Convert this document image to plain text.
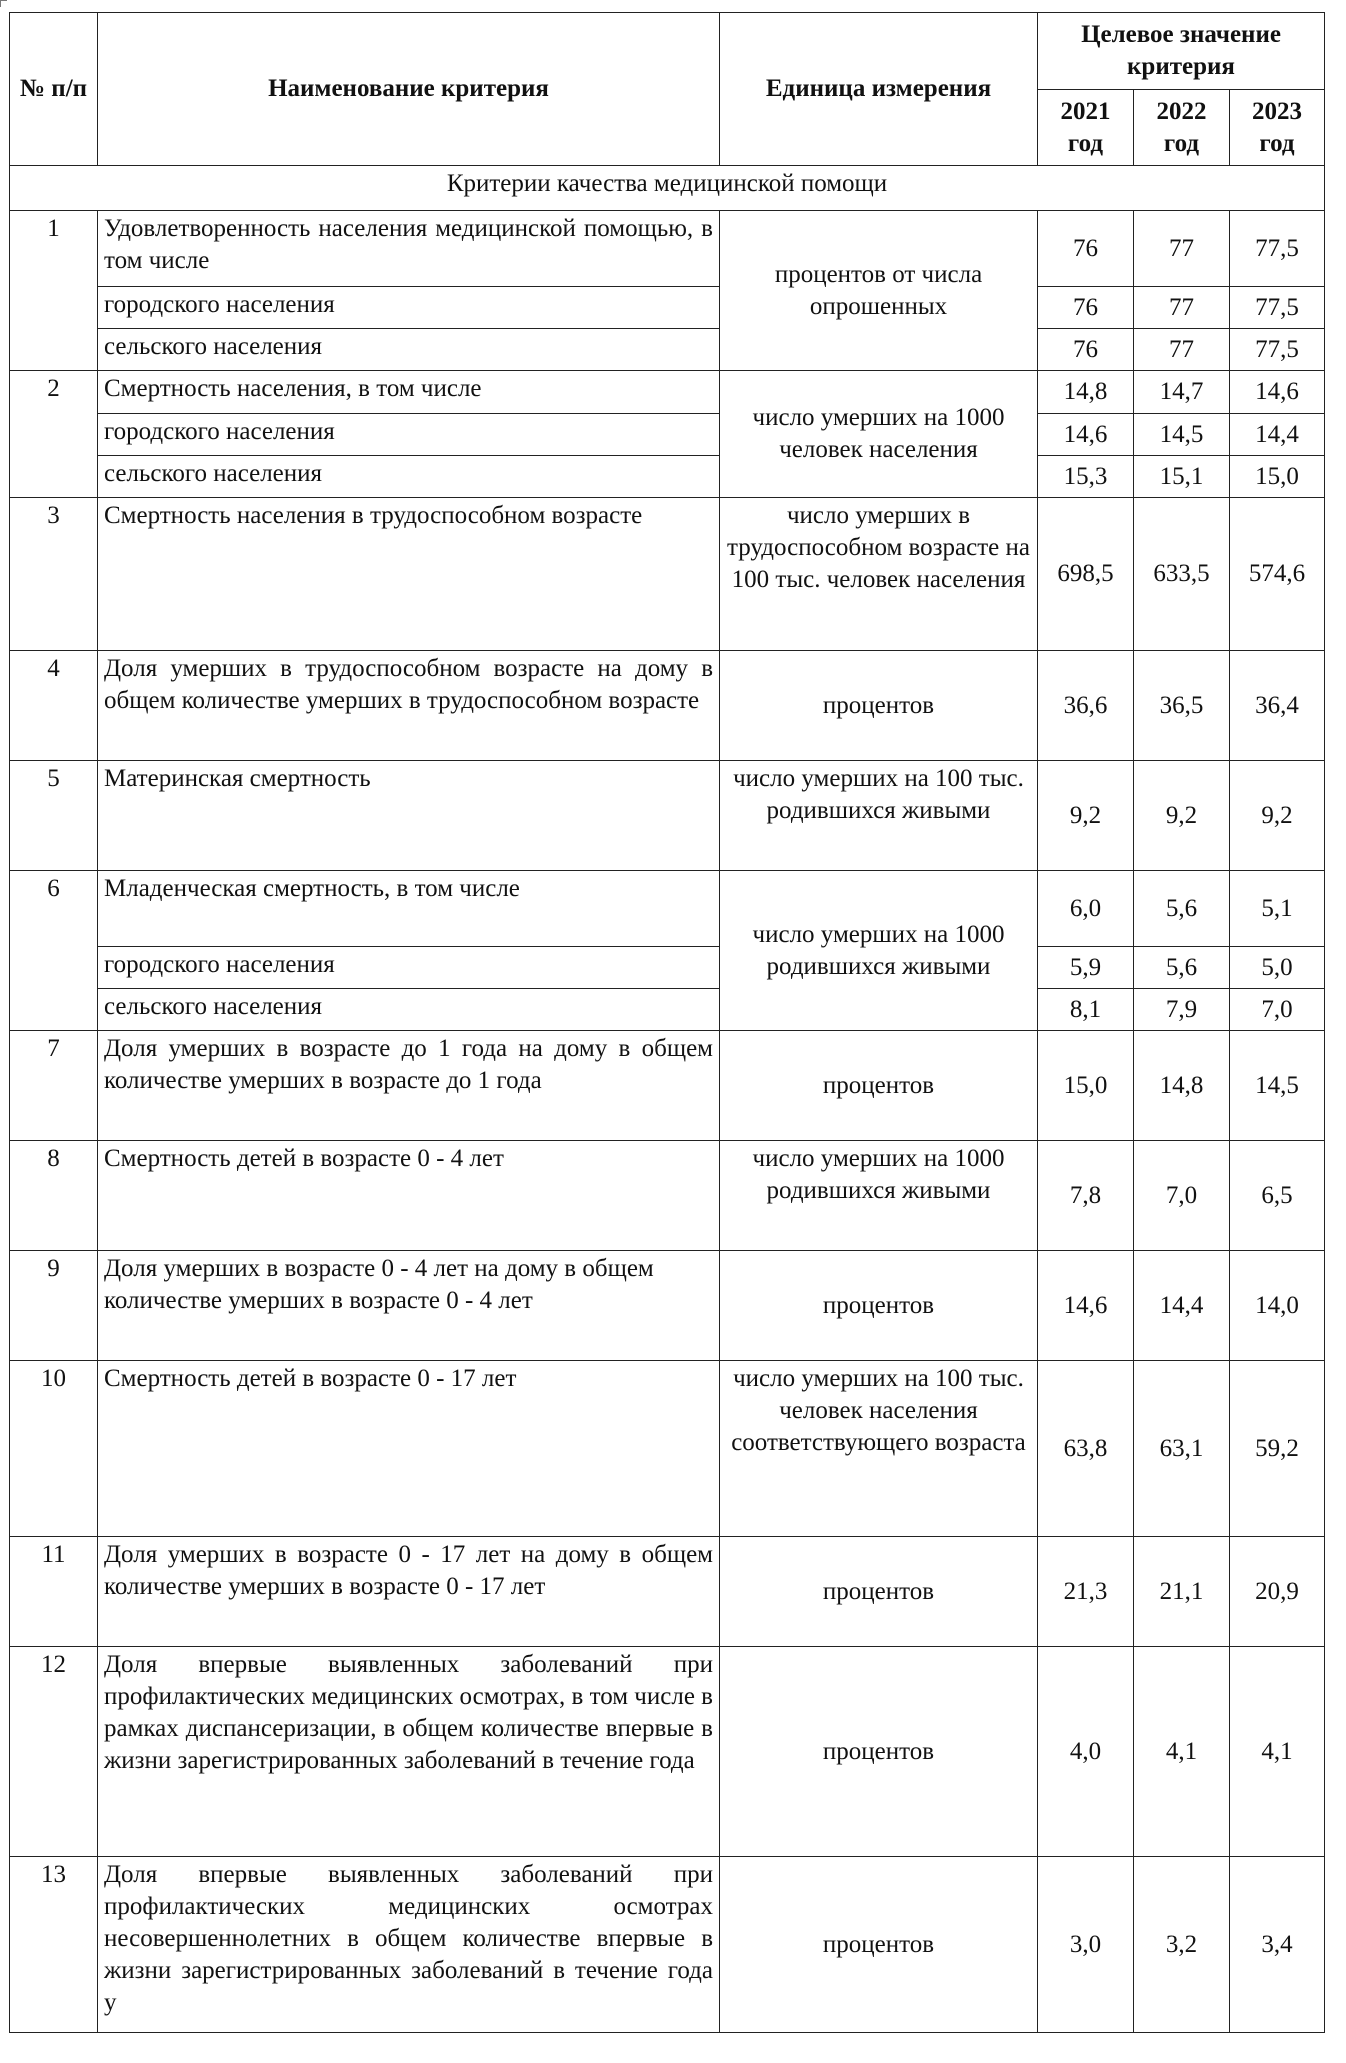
№ п/п	Наименование критерия	Единица измерения	Целевое значение критерия		
			2021 год	2022 год	2023 год
Критерии качества медицинской помощи					
1	Удовлетворенность населения медицинской помощью, в том числе	процентов от числа опрошенных	76	77	77,5
	городского населения		76	77	77,5
	сельского населения		76	77	77,5
2	Смертность населения, в том числе	число умерших на 1000 человек населения	14,8	14,7	14,6
	городского населения		14,6	14,5	14,4
	сельского населения		15,3	15,1	15,0
3	Смертность населения в трудоспособном возрасте	число умерших в трудоспособном возрасте на 100 тыс. человек населения	698,5	633,5	574,6
4	Доля умерших в трудоспособном возрасте на дому в общем количестве умерших в трудоспособном возрасте	процентов	36,6	36,5	36,4
5	Материнская смертность	число умерших на 100 тыс. родившихся живыми	9,2	9,2	9,2
6	Младенческая смертность, в том числе	число умерших на 1000 родившихся живыми	6,0	5,6	5,1
	городского населения		5,9	5,6	5,0
	сельского населения		8,1	7,9	7,0
7	Доля умерших в возрасте до 1 года на дому в общем количестве умерших в возрасте до 1 года	процентов	15,0	14,8	14,5
8	Смертность детей в возрасте 0 - 4 лет	число умерших на 1000 родившихся живыми	7,8	7,0	6,5
9	Доля умерших в возрасте 0 - 4 лет на дому в общем количестве умерших в возрасте 0 - 4 лет	процентов	14,6	14,4	14,0
10	Смертность детей в возрасте 0 - 17 лет	число умерших на 100 тыс. человек населения соответствующего возраста	63,8	63,1	59,2
11	Доля умерших в возрасте 0 - 17 лет на дому в общем количестве умерших в возрасте 0 - 17 лет	процентов	21,3	21,1	20,9
12	Доля впервые выявленных заболеваний при профилактических медицинских осмотрах, в том числе в рамках диспансеризации, в общем количестве впервые в жизни зарегистрированных заболеваний в течение года	процентов	4,0	4,1	4,1
13	Доля впервые выявленных заболеваний при профилактических медицинских осмотрах несовершеннолетних в общем количестве впервые в жизни зарегистрированных заболеваний в течение года у	процентов	3,0	3,2	3,4
